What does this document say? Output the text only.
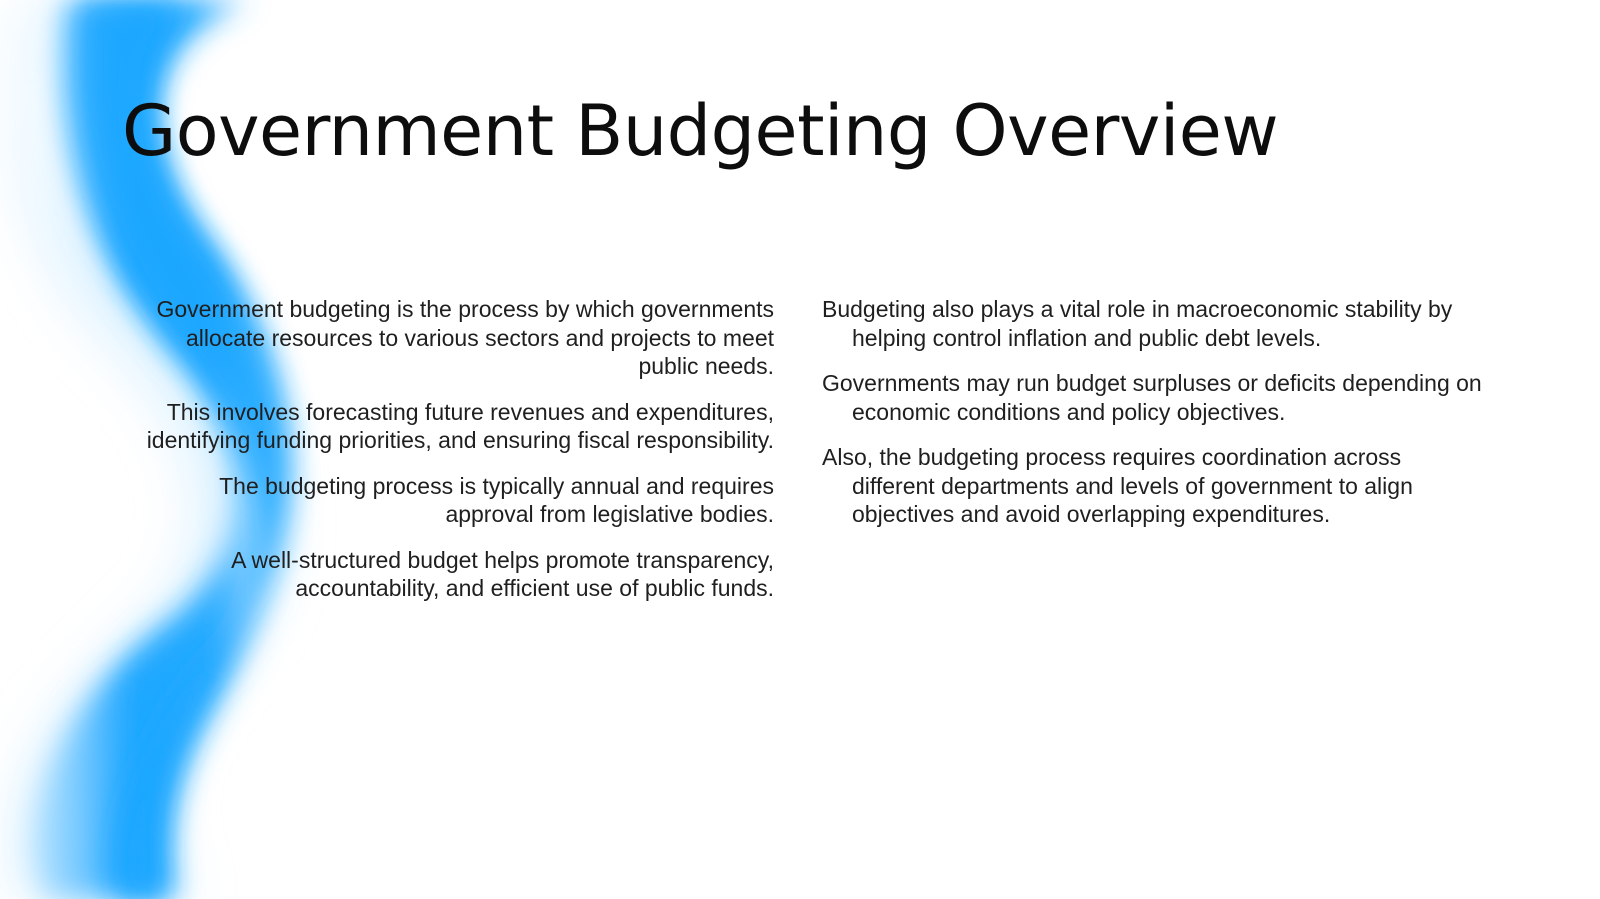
Government Budgeting Overview

Government budgeting is the process by which governments allocate resources to various sectors and projects to meet public needs.

This involves forecasting future revenues and expenditures, identifying funding priorities, and ensuring fiscal responsibility.

The budgeting process is typically annual and requires approval from legislative bodies.

A well-structured budget helps promote transparency, accountability, and efficient use of public funds.

Budgeting also plays a vital role in macroeconomic stability by helping control inflation and public debt levels.

Governments may run budget surpluses or deficits depending on economic conditions and policy objectives.

Also, the budgeting process requires coordination across different departments and levels of government to align objectives and avoid overlapping expenditures.
